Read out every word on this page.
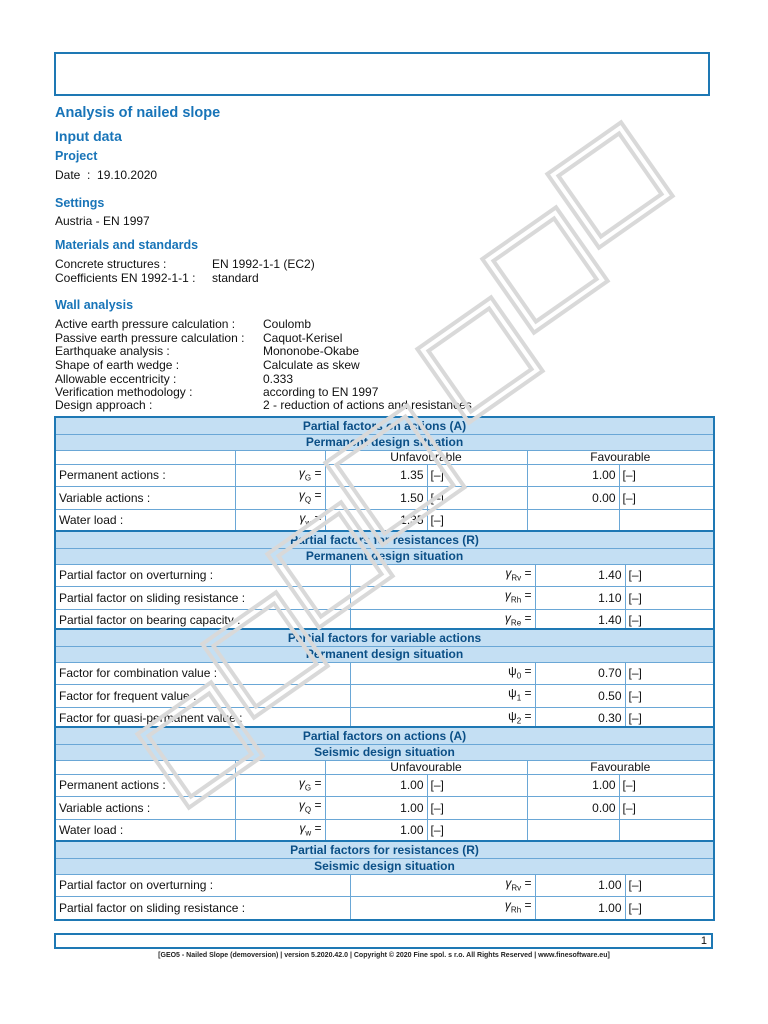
Analysis of nailed slope
Input data
Project
Date : 19.10.2020
Settings
Austria - EN 1997
Materials and standards
Concrete structures :	EN 1992-1-1 (EC2)
Coefficients EN 1992-1-1 : standard
Wall analysis
Active earth pressure calculation : Coulomb
Passive earth pressure calculation : Caquot-Kerisel
Earthquake analysis :	Mononobe-Okabe
Shape of earth wedge :	Calculate as skew
Allowable eccentricity :	0.333
Verification methodology :	according to EN 1997
Design approach :	2 - reduction of actions and resistances
Partial factors on actions (A)					
Permanent design situation					
		Unfavourable		Favourable	
Permanent actions :	$\gamma_G$ =	1.35	[–]	1.00	[–]
Variable actions :	$\gamma_Q$ =	1.50	[–]	0.00	[–]
Water load :	$\gamma_w$ =	1.35	[–]		
Partial factors for resistances (R)			
Permanent design situation			
Partial factor on overturning :	$\gamma_{Rv}$ =	1.40	[–]
Partial factor on sliding resistance :	$\gamma_{Rh}$ =	1.10	[–]
Partial factor on bearing capacity :	$\gamma_{Re}$ =	1.40	[–]
Partial factors for variable actions			
Permanent design situation			
Factor for combination value :	$\psi_0$ =	0.70	[–]
Factor for frequent value :	$\psi_1$ =	0.50	[–]
Factor for quasi-permanent value :	$\psi_2$ =	0.30	[–]
Partial factors on actions (A)					
Seismic design situation					
		Unfavourable		Favourable	
Permanent actions :	$\gamma_G$ =	1.00	[–]	1.00	[–]
Variable actions :	$\gamma_Q$ =	1.00	[–]	0.00	[–]
Water load :	$\gamma_w$ =	1.00	[–]		
Partial factors for resistances (R)			
Seismic design situation			
Partial factor on overturning :	$\gamma_{Rv}$ =	1.00	[–]
Partial factor on sliding resistance :	$\gamma_{Rh}$ =	1.00	[–]
1
[GEO5 - Nailed Slope (demoversion) | version 5.2020.42.0 | Copyright © 2020 Fine spol. s r.o. All Rights Reserved | www.finesoftware.eu]
